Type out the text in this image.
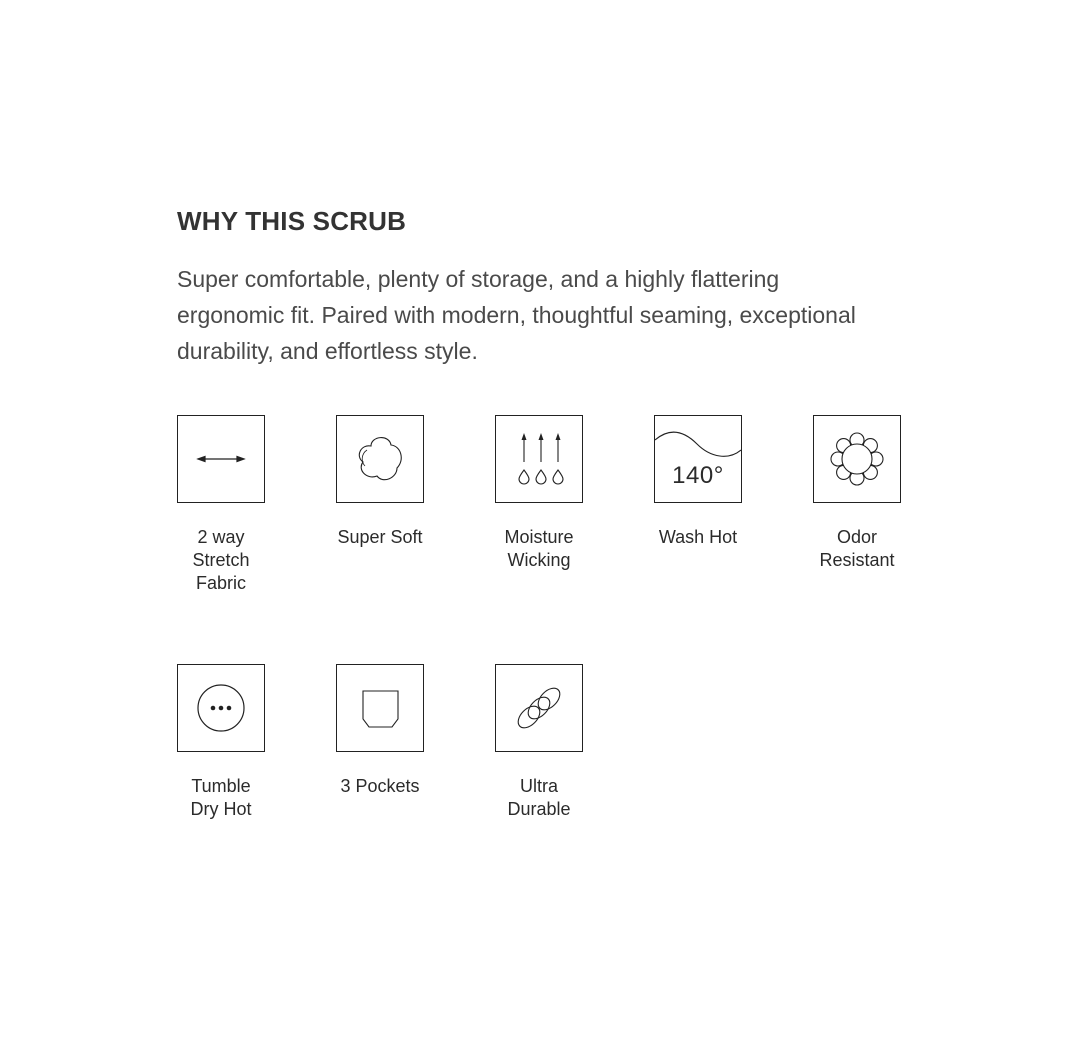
WHY THIS SCRUB

Super comfortable, plenty of storage, and a highly flattering ergonomic fit. Paired with modern, thoughtful seaming, exceptional durability, and effortless style.

2 way
Stretch
Fabric
Super Soft	Moisture
Wicking
140°
Wash Hot	Odor
Resistant
Tumble
Dry Hot
3 Pockets	Ultra
Durable
